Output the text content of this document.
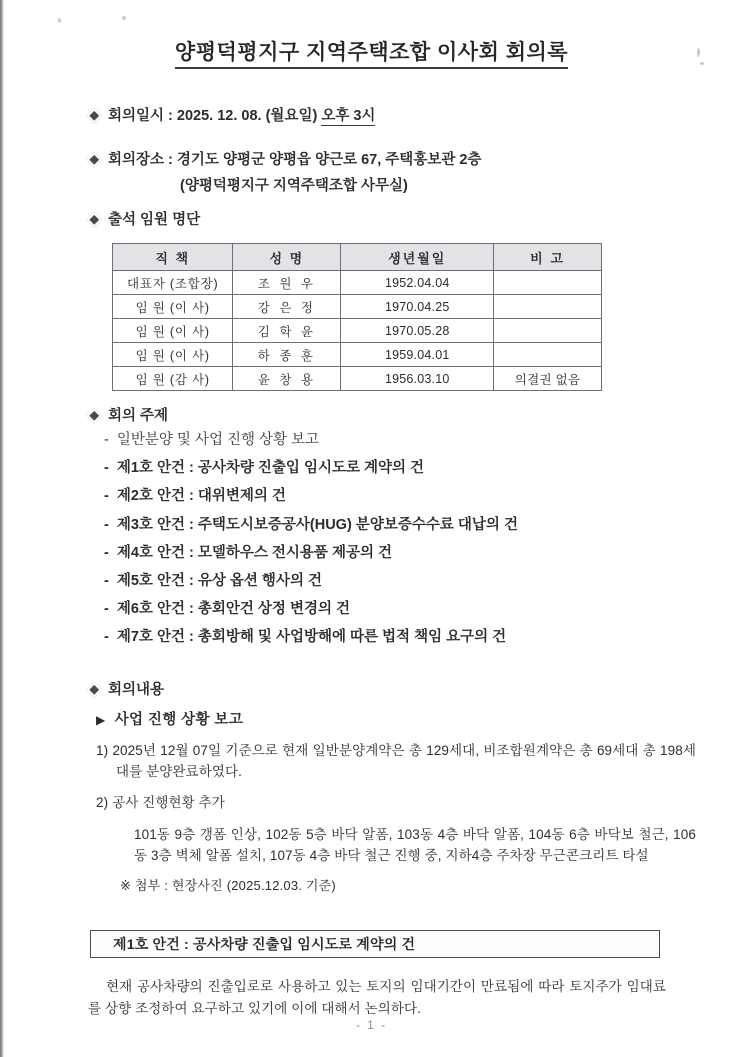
양평덕평지구 지역주택조합 이사회 회의록
회의일시 : 2025. 12. 08. (월요일) 오후 3시
회의장소 : 경기도 양평군 양평읍 양근로 67, 주택홍보관 2층
(양평덕평지구 지역주택조합 사무실)
출석 임원 명단
직 책	성 명	생년월일	비 고
대표자 (조합장)	조 원 우	1952.04.04	
임 원 (이 사)	강 은 정	1970.04.25	
임 원 (이 사)	김 학 윤	1970.05.28	
임 원 (이 사)	하 종 훈	1959.04.01	
임 원 (감 사)	윤 창 용	1956.03.10	의결권 없음
회의 주제
- 일반분양 및 사업 진행 상황 보고
- 제1호 안건 : 공사차량 진출입 임시도로 계약의 건
- 제2호 안건 : 대위변제의 건
- 제3호 안건 : 주택도시보증공사(HUG) 분양보증수수료 대납의 건
- 제4호 안건 : 모델하우스 전시용품 제공의 건
- 제5호 안건 : 유상 옵션 행사의 건
- 제6호 안건 : 총회안건 상정 변경의 건
- 제7호 안건 : 총회방해 및 사업방해에 따른 법적 책임 요구의 건
회의내용
▶ 사업 진행 상황 보고
1) 2025년 12월 07일 기준으로 현재 일반분양계약은 총 129세대, 비조합원계약은 총 69세대 총 198세대를 분양완료하였다.
2) 공사 진행현황 추가
101동 9층 갱폼 인상, 102동 5층 바닥 알폼, 103동 4층 바닥 알폼, 104동 6층 바닥보 철근, 106동 3층 벽체 알폼 설치, 107동 4층 바닥 철근 진행 중, 지하4층 주차장 무근콘크리트 타설
※ 첨부 : 현장사진 (2025.12.03. 기준)
제1호 안건 : 공사차량 진출입 임시도로 계약의 건
현재 공사차량의 진출입로로 사용하고 있는 토지의 임대기간이 만료됨에 따라 토지주가 임대료를 상향 조정하여 요구하고 있기에 이에 대해서 논의하다.
- 1 -
